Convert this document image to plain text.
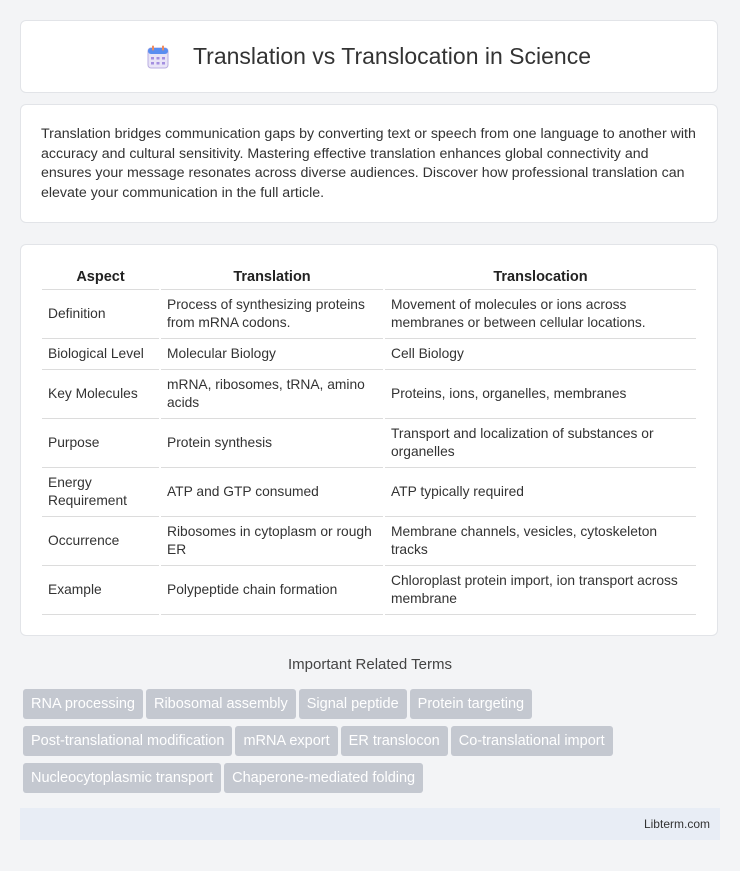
Translation vs Translocation in Science

Translation bridges communication gaps by converting text or speech from one language to another with accuracy and cultural sensitivity. Mastering effective translation enhances global connectivity and ensures your message resonates across diverse audiences. Discover how professional translation can elevate your communication in the full article.

Aspect	Translation	Translocation
Definition	Process of synthesizing proteins from mRNA codons.	Movement of molecules or ions across membranes or between cellular locations.
Biological Level	Molecular Biology	Cell Biology
Key Molecules	mRNA, ribosomes, tRNA, amino acids	Proteins, ions, organelles, membranes
Purpose	Protein synthesis	Transport and localization of substances or organelles
Energy Requirement	ATP and GTP consumed	ATP typically required
Occurrence	Ribosomes in cytoplasm or rough ER	Membrane channels, vesicles, cytoskeleton tracks
Example	Polypeptide chain formation	Chloroplast protein import, ion transport across membrane
Important Related Terms
RNA processing Ribosomal assembly Signal peptide Protein targeting
Post-translational modification mRNA export ER translocon Co-translational import
Nucleocytoplasmic transport Chaperone-mediated folding
Libterm.com
